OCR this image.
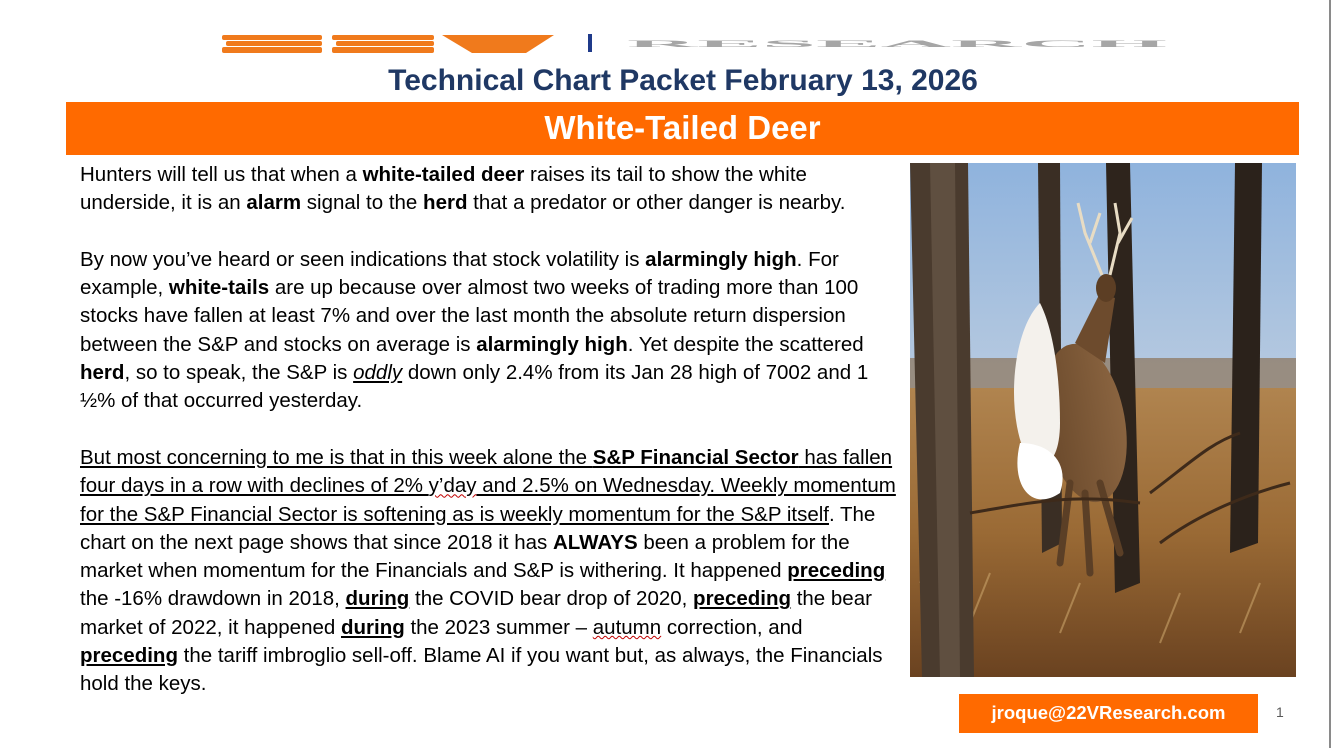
RESEARCH
Technical Chart Packet February 13, 2026
White-Tailed Deer

Hunters will tell us that when a white-tailed deer raises its tail to show the white underside, it is an alarm signal to the herd that a predator or other danger is nearby.

By now you’ve heard or seen indications that stock volatility is alarmingly high. For example, white-tails are up because over almost two weeks of trading more than 100 stocks have fallen at least 7% and over the last month the absolute return dispersion between the S&P and stocks on average is alarmingly high. Yet despite the scattered herd, so to speak, the S&P is oddly down only 2.4% from its Jan 28 high of 7002 and 1 ½% of that occurred yesterday.

But most concerning to me is that in this week alone the S&P Financial Sector has fallen four days in a row with declines of 2% y’day and 2.5% on Wednesday. Weekly momentum for the S&P Financial Sector is softening as is weekly momentum for the S&P itself. The chart on the next page shows that since 2018 it has ALWAYS been a problem for the market when momentum for the Financials and S&P is withering. It happened preceding the -16% drawdown in 2018, during the COVID bear drop of 2020, preceding the bear market of 2022, it happened during the 2023 summer – autumn correction, and preceding the tariff imbroglio sell-off. Blame AI if you want but, as always, the Financials hold the keys.

jroque@22VResearch.com	1
